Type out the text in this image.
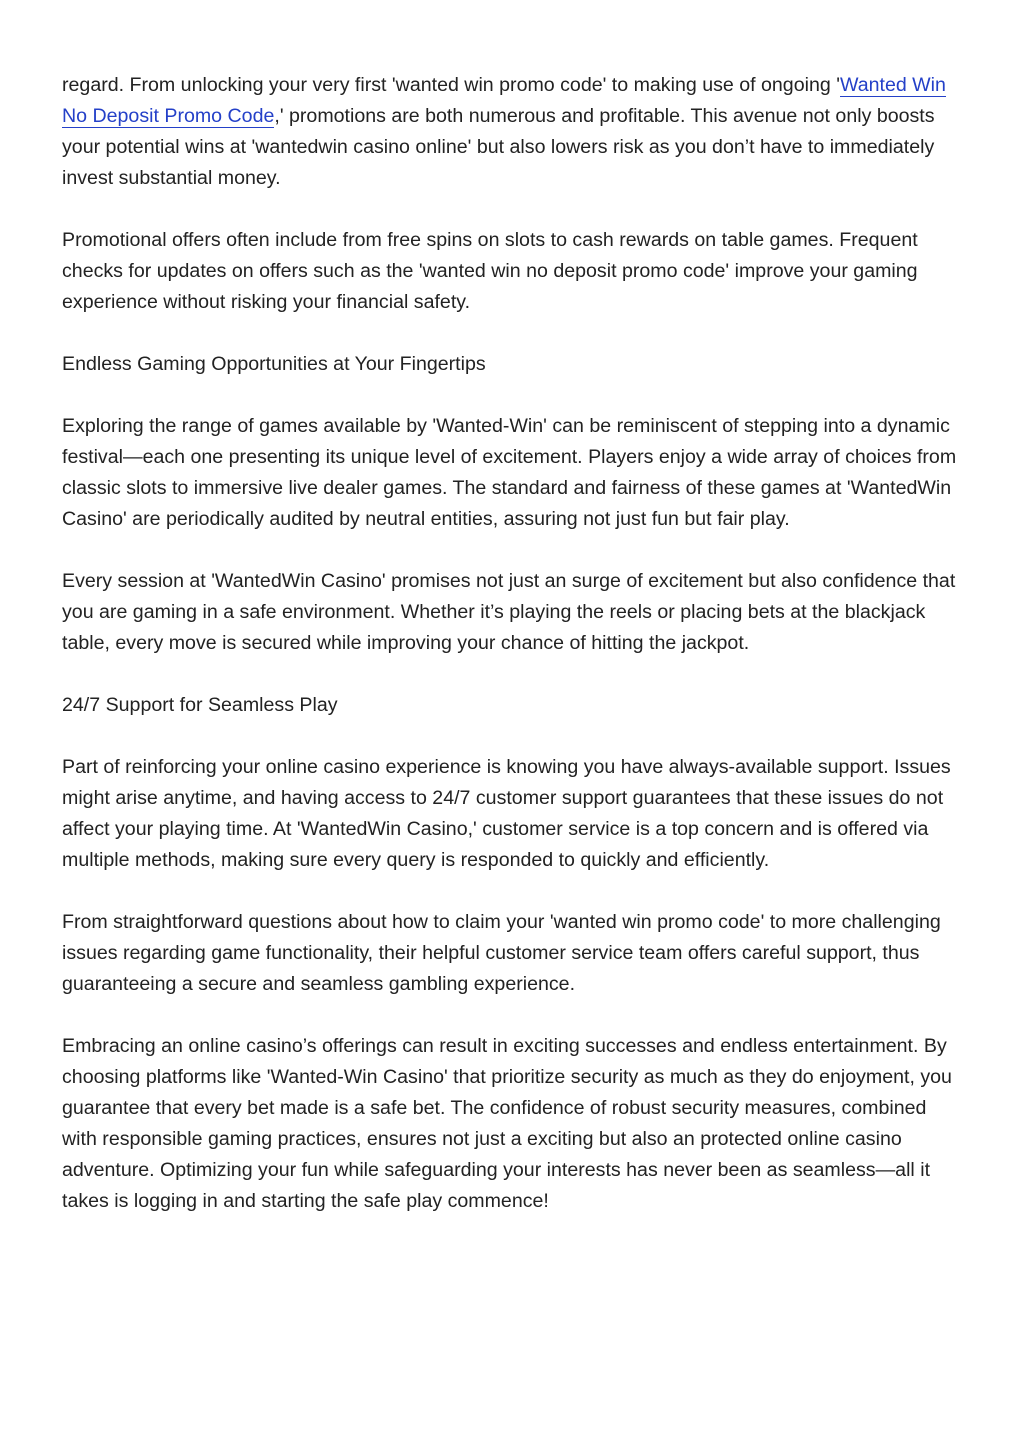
regard. From unlocking your very first 'wanted win promo code' to making use of ongoing 'Wanted Win No Deposit Promo Code,' promotions are both numerous and profitable. This avenue not only boosts your potential wins at 'wantedwin casino online' but also lowers risk as you don’t have to immediately invest substantial money.

Promotional offers often include from free spins on slots to cash rewards on table games. Frequent checks for updates on offers such as the 'wanted win no deposit promo code' improve your gaming experience without risking your financial safety.

Endless Gaming Opportunities at Your Fingertips

Exploring the range of games available by 'Wanted-Win' can be reminiscent of stepping into a dynamic festival—each one presenting its unique level of excitement. Players enjoy a wide array of choices from classic slots to immersive live dealer games. The standard and fairness of these games at 'WantedWin Casino' are periodically audited by neutral entities, assuring not just fun but fair play.

Every session at 'WantedWin Casino' promises not just an surge of excitement but also confidence that you are gaming in a safe environment. Whether it’s playing the reels or placing bets at the blackjack table, every move is secured while improving your chance of hitting the jackpot.

24/7 Support for Seamless Play

Part of reinforcing your online casino experience is knowing you have always-available support. Issues might arise anytime, and having access to 24/7 customer support guarantees that these issues do not affect your playing time. At 'WantedWin Casino,' customer service is a top concern and is offered via multiple methods, making sure every query is responded to quickly and efficiently.

From straightforward questions about how to claim your 'wanted win promo code' to more challenging issues regarding game functionality, their helpful customer service team offers careful support, thus guaranteeing a secure and seamless gambling experience.

Embracing an online casino’s offerings can result in exciting successes and endless entertainment. By choosing platforms like 'Wanted-Win Casino' that prioritize security as much as they do enjoyment, you guarantee that every bet made is a safe bet. The confidence of robust security measures, combined with responsible gaming practices, ensures not just a exciting but also an protected online casino adventure. Optimizing your fun while safeguarding your interests has never been as seamless—all it takes is logging in and starting the safe play commence!
